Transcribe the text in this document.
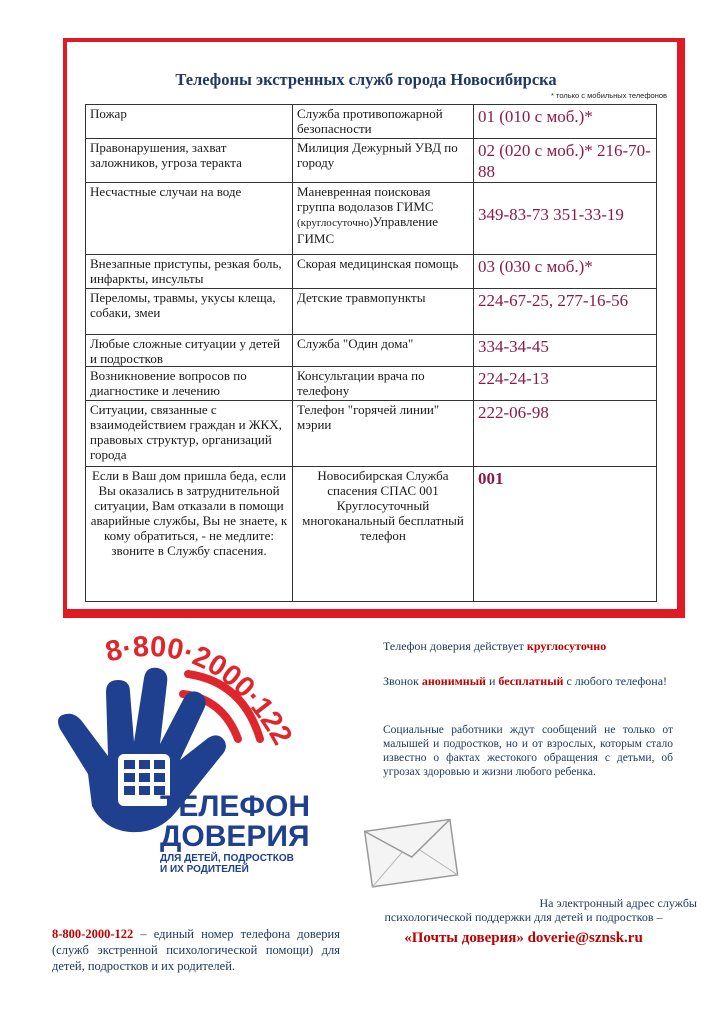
Телефоны экстренных служб города Новосибирска
* только с мобильных телефонов
Пожар	Служба противопожарной безопасности	01 (010 с моб.)*
Правонарушения, захват заложников, угроза теракта	Милиция Дежурный УВД по городу	02 (020 с моб.)* 216-70-88
Несчастные случаи на воде	Маневренная поисковая группа водолазов ГИМС (круглосуточно)Управление ГИМС	349-83-73 351-33-19
Внезапные приступы, резкая боль, инфаркты, инсульты	Скорая медицинская помощь	03 (030 с моб.)*
Переломы, травмы, укусы клеща, собаки, змеи	Детские травмопункты	224-67-25, 277-16-56
Любые сложные ситуации у детей и подростков	Служба "Один дома"	334-34-45
Возникновение вопросов по диагностике и лечению	Консультации врача по телефону	224-24-13
Ситуации, связанные с взаимодействием граждан и ЖКХ, правовых структур, организаций города	Телефон "горячей линии" мэрии	222-06-98
Если в Ваш дом пришла беда, если Вы оказались в затруднительной ситуации, Вам отказали в помощи аварийные службы, Вы не знаете, к кому обратиться, - не медлите: звоните в Службу спасения.	Новосибирская Служба спасения СПАС 001 Круглосуточный многоканальный бесплатный телефон	001
8·800·2000·122
ТЕЛЕФОН
ДОВЕРИЯ
ДЛЯ ДЕТЕЙ, ПОДРОСТКОВ
И ИХ РОДИТЕЛЕЙ
Телефон доверия действует круглосуточно
Звонок анонимный и бесплатный с любого телефона!
Социальные работники ждут сообщений не только от малышей и подростков, но и от взрослых, которым стало известно о фактах жестокого обращения с детьми, об угрозах здоровью и жизни любого ребенка.
На электронный адрес службы
психологической поддержки для детей и подростков –
«Почты доверия» doverie@sznsk.ru
8-800-2000-122 – единый номер телефона доверия (служб экстренной психологической помощи) для детей, подростков и их родителей.
